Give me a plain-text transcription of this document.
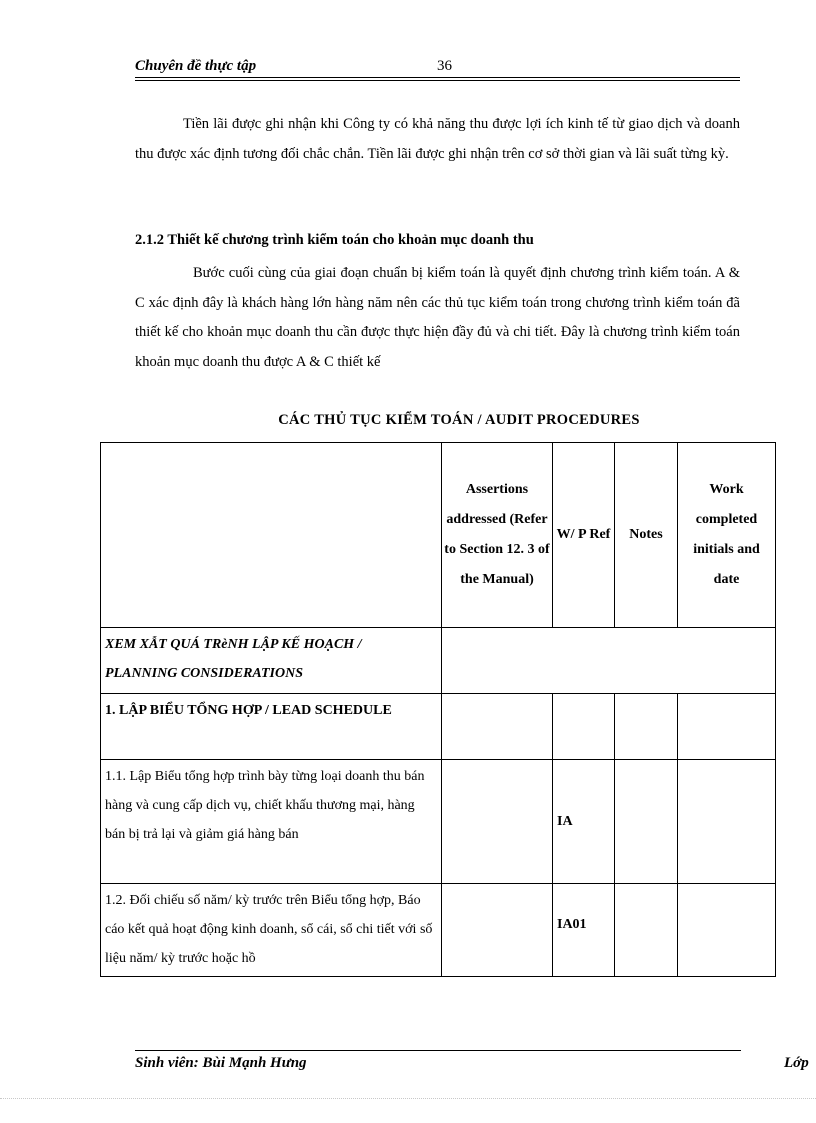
Chuyên đề thực tập	36

Tiền lãi được ghi nhận khi Công ty có khả năng thu được lợi ích kinh tế từ giao dịch và doanh thu được xác định tương đối chắc chắn. Tiền lãi được ghi nhận trên cơ sở thời gian và lãi suất từng kỳ.

2.1.2 Thiết kế chương trình kiểm toán cho khoản mục doanh thu

Bước cuối cùng của giai đoạn chuẩn bị kiểm toán là quyết định chương trình kiểm toán. A & C xác định đây là khách hàng lớn hàng năm nên các thủ tục kiểm toán trong chương trình kiểm toán đã thiết kế cho khoản mục doanh thu cần được thực hiện đầy đủ và chi tiết. Đây là chương trình kiểm toán khoản mục doanh thu được A & C thiết kế

CÁC THỦ TỤC KIỂM TOÁN / AUDIT PROCEDURES
	Assertions addressed (Refer to Section 12. 3 of the Manual)	W/ P Ref	Notes	Work completed initials and date

XEM XẪT QUÁ TRèNH LẬP KẾ HOẠCH / PLANNING CONSIDERATIONS				

1. LẬP BIỂU TỔNG HỢP / LEAD SCHEDULE				

1.1. Lập Biểu tổng hợp trình bày từng loại doanh thu bán hàng và cung cấp dịch vụ, chiết khấu thương mại, hàng bán bị trả lại và giảm giá hàng bán		IA		

1.2. Đối chiếu số năm/ kỳ trước trên Biểu tổng hợp, Báo cáo kết quả hoạt động kinh doanh, sổ cái, sổ chi tiết với số liệu năm/ kỳ trước hoặc hồ		IA01		

Sinh viên: Bùi Mạnh Hưng	Lớp
